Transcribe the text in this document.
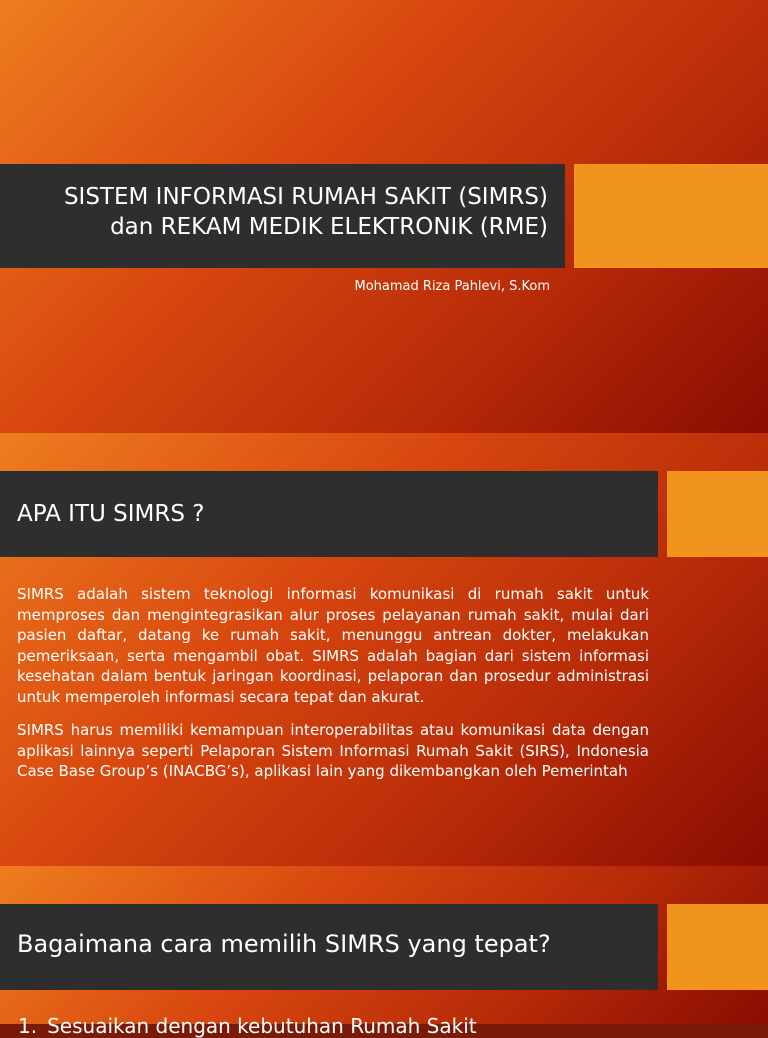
SISTEM INFORMASI RUMAH SAKIT (SIMRS)
dan REKAM MEDIK ELEKTRONIK (RME)
Mohamad Riza Pahlevi, S.Kom
APA ITU SIMRS ?

SIMRS adalah sistem teknologi informasi komunikasi di rumah sakit untuk memproses dan mengintegrasikan alur proses pelayanan rumah sakit, mulai dari pasien daftar, datang ke rumah sakit, menunggu antrean dokter, melakukan pemeriksaan, serta mengambil obat. SIMRS adalah bagian dari sistem informasi kesehatan dalam bentuk jaringan koordinasi, pelaporan dan prosedur administrasi untuk memperoleh informasi secara tepat dan akurat.

SIMRS harus memiliki kemampuan interoperabilitas atau komunikasi data dengan aplikasi lainnya seperti Pelaporan Sistem Informasi Rumah Sakit (SIRS), Indonesia Case Base Group’s (INACBG’s), aplikasi lain yang dikembangkan oleh Pemerintah

Bagaimana cara memilih SIMRS yang tepat?
1. Sesuaikan dengan kebutuhan Rumah Sakit
